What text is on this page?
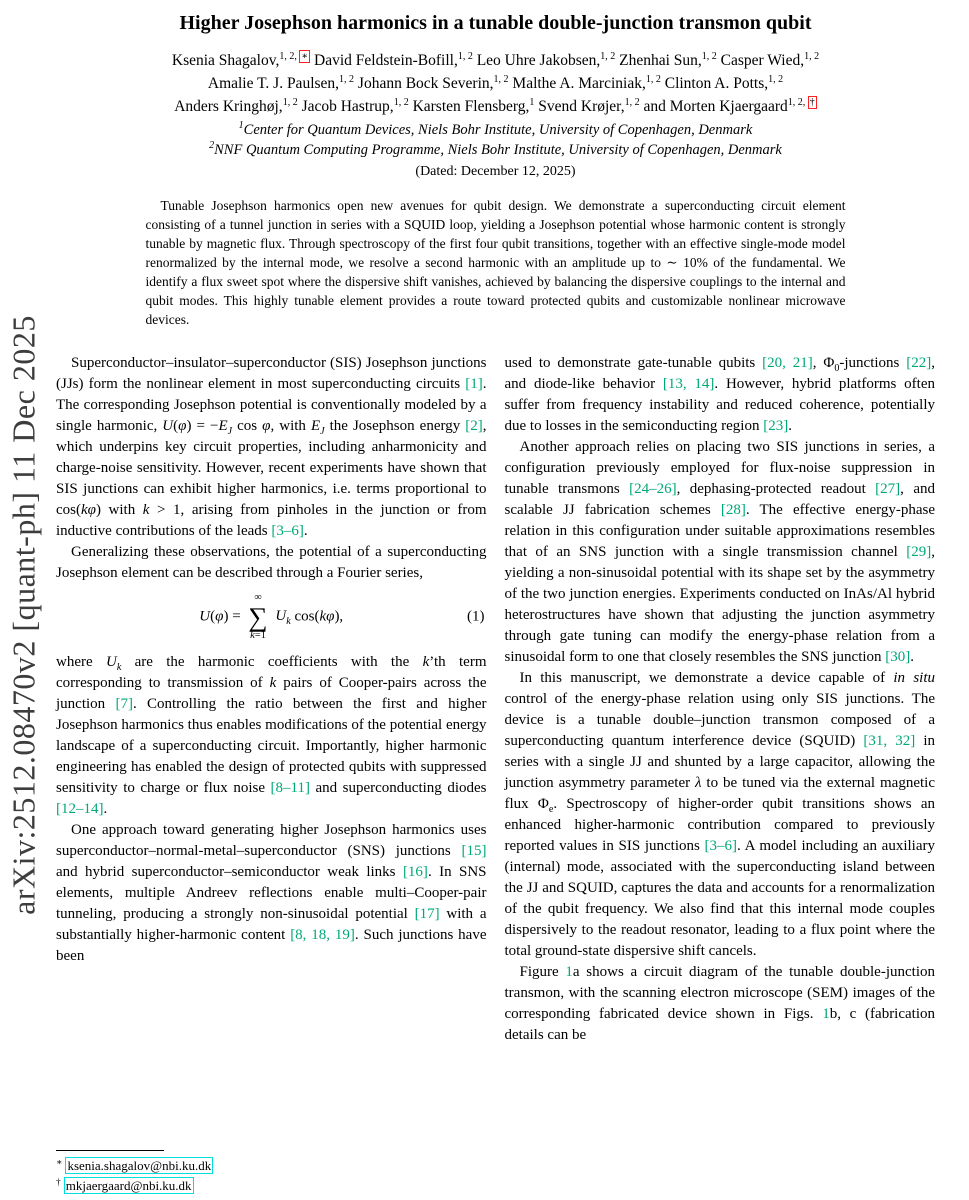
arXiv:2512.08470v2 [quant-ph] 11 Dec 2025
Higher Josephson harmonics in a tunable double-junction transmon qubit
Ksenia Shagalov,$^{1, 2, ∗}$ David Feldstein-Bofill,$^{1, 2}$ Leo Uhre Jakobsen,$^{1, 2}$ Zhenhai Sun,$^{1, 2}$ Casper Wied,$^{1, 2}$
Amalie T. J. Paulsen,$^{1, 2}$ Johann Bock Severin,$^{1, 2}$ Malthe A. Marciniak,$^{1, 2}$ Clinton A. Potts,$^{1, 2}$
Anders Kringhøj,$^{1, 2}$ Jacob Hastrup,$^{1, 2}$ Karsten Flensberg,$^1$ Svend Krøjer,$^{1, 2}$ and Morten Kjaergaard$^{1, 2, \dagger}$
$^1$Center for Quantum Devices, Niels Bohr Institute, University of Copenhagen, Denmark
$^2$NNF Quantum Computing Programme, Niels Bohr Institute, University of Copenhagen, Denmark
(Dated: December 12, 2025)
Tunable Josephson harmonics open new avenues for qubit design. We demonstrate a superconducting circuit element consisting of a tunnel junction in series with a SQUID loop, yielding a Josephson potential whose harmonic content is strongly tunable by magnetic flux. Through spectroscopy of the first four qubit transitions, together with an effective single-mode model renormalized by the internal mode, we resolve a second harmonic with an amplitude up to ∼ 10% of the fundamental. We identify a flux sweet spot where the dispersive shift vanishes, achieved by balancing the dispersive couplings to the internal and qubit modes. This highly tunable element provides a route toward protected qubits and customizable nonlinear microwave devices.

Superconductor–insulator–superconductor (SIS) Josephson junctions (JJs) form the nonlinear element in most superconducting circuits [1]. The corresponding Josephson potential is conventionally modeled by a single harmonic, $U(\varphi) = -E_J$ cos φ, with $E_J$ the Josephson energy [2], which underpins key circuit properties, including anharmonicity and charge-noise sensitivity. However, recent experiments have shown that SIS junctions can exhibit higher harmonics, i.e. terms proportional to cos(kφ) with k > 1, arising from pinholes in the junction or from inductive contributions of the leads [3–6].

Generalizing these observations, the potential of a superconducting Josephson element can be described through a Fourier series,

U(φ) =
∞
∑
k=1
$U_k$ cos(kφ),	(1)

where $U_k$ are the harmonic coefficients with the k’th term corresponding to transmission of k pairs of Cooper-pairs across the junction [7]. Controlling the ratio between the first and higher Josephson harmonics thus enables modifications of the potential energy landscape of a superconducting circuit. Importantly, higher harmonic engineering has enabled the design of protected qubits with suppressed sensitivity to charge or flux noise [8–11] and superconducting diodes [12–14].

One approach toward generating higher Josephson harmonics uses superconductor–normal-metal–superconductor (SNS) junctions [15] and hybrid superconductor–semiconductor weak links [16]. In SNS elements, multiple Andreev reflections enable multi–Cooper-pair tunneling, producing a strongly non-sinusoidal potential [17] with a substantially higher-harmonic content [8, 18, 19]. Such junctions have been

used to demonstrate gate-tunable qubits [20, 21], $\Phi_0$-junctions [22], and diode-like behavior [13, 14]. However, hybrid platforms often suffer from frequency instability and reduced coherence, potentially due to losses in the semiconducting region [23].

Another approach relies on placing two SIS junctions in series, a configuration previously employed for flux-noise suppression in tunable transmons [24–26], dephasing-protected readout [27], and scalable JJ fabrication schemes [28]. The effective energy-phase relation in this configuration under suitable approximations resembles that of an SNS junction with a single transmission channel [29], yielding a non-sinusoidal potential with its shape set by the asymmetry of the two junction energies. Experiments conducted on InAs/Al hybrid heterostructures have shown that adjusting the junction asymmetry through gate tuning can modify the energy-phase relation from a sinusoidal form to one that closely resembles the SNS junction [30].

In this manuscript, we demonstrate a device capable of in situ control of the energy-phase relation using only SIS junctions. The device is a tunable double–junction transmon composed of a superconducting quantum interference device (SQUID) [31, 32] in series with a single JJ and shunted by a large capacitor, allowing the junction asymmetry parameter λ to be tuned via the external magnetic flux $\Phi_e$. Spectroscopy of higher-order qubit transitions shows an enhanced higher-harmonic contribution compared to previously reported values in SIS junctions [3–6]. A model including an auxiliary (internal) mode, associated with the superconducting island between the JJ and SQUID, captures the data and accounts for a renormalization of the qubit frequency. We also find that this internal mode couples dispersively to the readout resonator, leading to a flux point where the total ground-state dispersive shift cancels.

Figure 1a shows a circuit diagram of the tunable double-junction transmon, with the scanning electron microscope (SEM) images of the corresponding fabricated device shown in Figs. 1b, c (fabrication details can be

∗ ksenia.shagalov@nbi.ku.dk
† mkjaergaard@nbi.ku.dk
